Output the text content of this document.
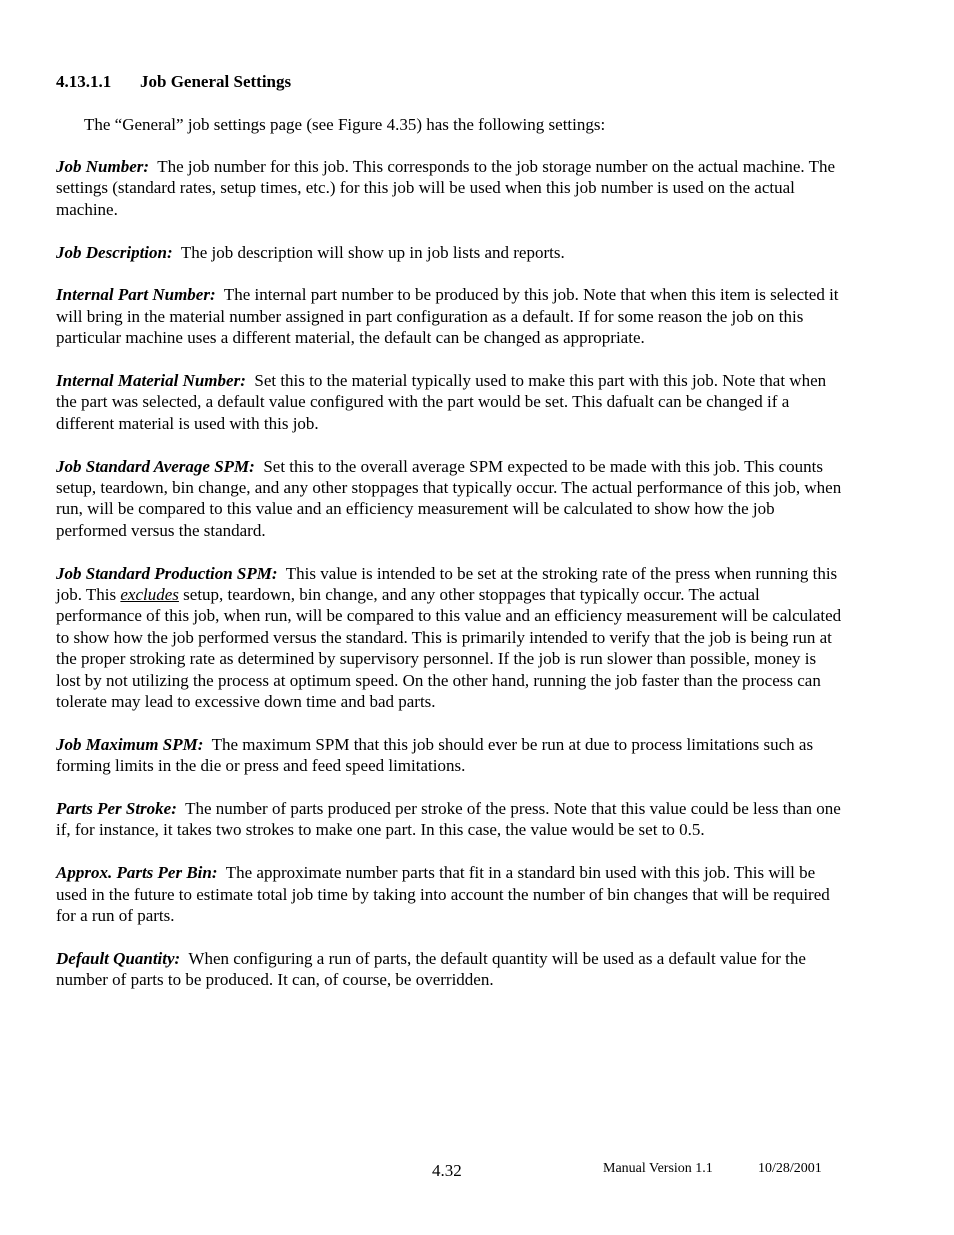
4.13.1.1 Job General Settings
The “General” job settings page (see Figure 4.35) has the following settings:

Job Number: The job number for this job. This corresponds to the job storage number on the actual machine. The settings (standard rates, setup times, etc.) for this job will be used when this job number is used on the actual machine.

Job Description: The job description will show up in job lists and reports.

Internal Part Number: The internal part number to be produced by this job. Note that when this item is selected it will bring in the material number assigned in part configuration as a default. If for some reason the job on this particular machine uses a different material, the default can be changed as appropriate.

Internal Material Number: Set this to the material typically used to make this part with this job. Note that when the part was selected, a default value configured with the part would be set. This dafualt can be changed if a different material is used with this job.

Job Standard Average SPM: Set this to the overall average SPM expected to be made with this job. This counts setup, teardown, bin change, and any other stoppages that typically occur. The actual performance of this job, when run, will be compared to this value and an efficiency measurement will be calculated to show how the job performed versus the standard.

Job Standard Production SPM: This value is intended to be set at the stroking rate of the press when running this job. This excludes setup, teardown, bin change, and any other stoppages that typically occur. The actual performance of this job, when run, will be compared to this value and an efficiency measurement will be calculated to show how the job performed versus the standard. This is primarily intended to verify that the job is being run at the proper stroking rate as determined by supervisory personnel. If the job is run slower than possible, money is lost by not utilizing the process at optimum speed. On the other hand, running the job faster than the process can tolerate may lead to excessive down time and bad parts.

Job Maximum SPM: The maximum SPM that this job should ever be run at due to process limitations such as forming limits in the die or press and feed speed limitations.

Parts Per Stroke: The number of parts produced per stroke of the press. Note that this value could be less than one if, for instance, it takes two strokes to make one part. In this case, the value would be set to 0.5.

Approx. Parts Per Bin: The approximate number parts that fit in a standard bin used with this job. This will be used in the future to estimate total job time by taking into account the number of bin changes that will be required for a run of parts.

Default Quantity: When configuring a run of parts, the default quantity will be used as a default value for the number of parts to be produced. It can, of course, be overridden.

4.32	Manual Version 1.1	10/28/2001
